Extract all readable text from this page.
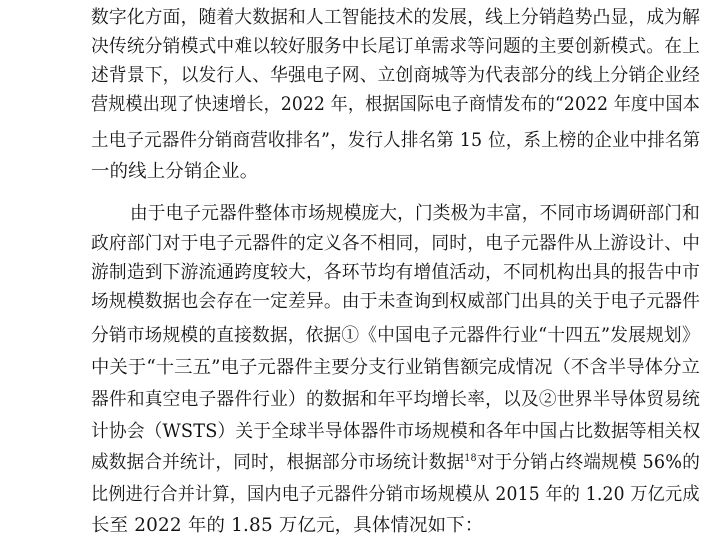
数字化方面，随着大数据和人工智能技术的发展，线上分销趋势凸显，成为解
决传统分销模式中难以较好服务中长尾订单需求等问题的主要创新模式。在上
述背景下，以发行人、华强电子网、立创商城等为代表部分的线上分销企业经
营规模出现了快速增长，2022 年，根据国际电子商情发布的“2022 年度中国本
土电子元器件分销商营收排名”，发行人排名第 15 位，系上榜的企业中排名第
一的线上分销企业。
由于电子元器件整体市场规模庞大，门类极为丰富，不同市场调研部门和
政府部门对于电子元器件的定义各不相同，同时，电子元器件从上游设计、中
游制造到下游流通跨度较大，各环节均有增值活动，不同机构出具的报告中市
场规模数据也会存在一定差异。由于未查询到权威部门出具的关于电子元器件
分销市场规模的直接数据，依据①《中国电子元器件行业“十四五”发展规划》
中关于“十三五”电子元器件主要分支行业销售额完成情况（不含半导体分立
器件和真空电子器件行业）的数据和年平均增长率，以及②世界半导体贸易统
计协会（WSTS）关于全球半导体器件市场规模和各年中国占比数据等相关权
威数据合并统计，同时，根据部分市场统计数据$^{18}$对于分销占终端规模 56%的
比例进行合并计算，国内电子元器件分销市场规模从 2015 年的 1.20 万亿元成
长至 2022 年的 1.85 万亿元，具体情况如下：
